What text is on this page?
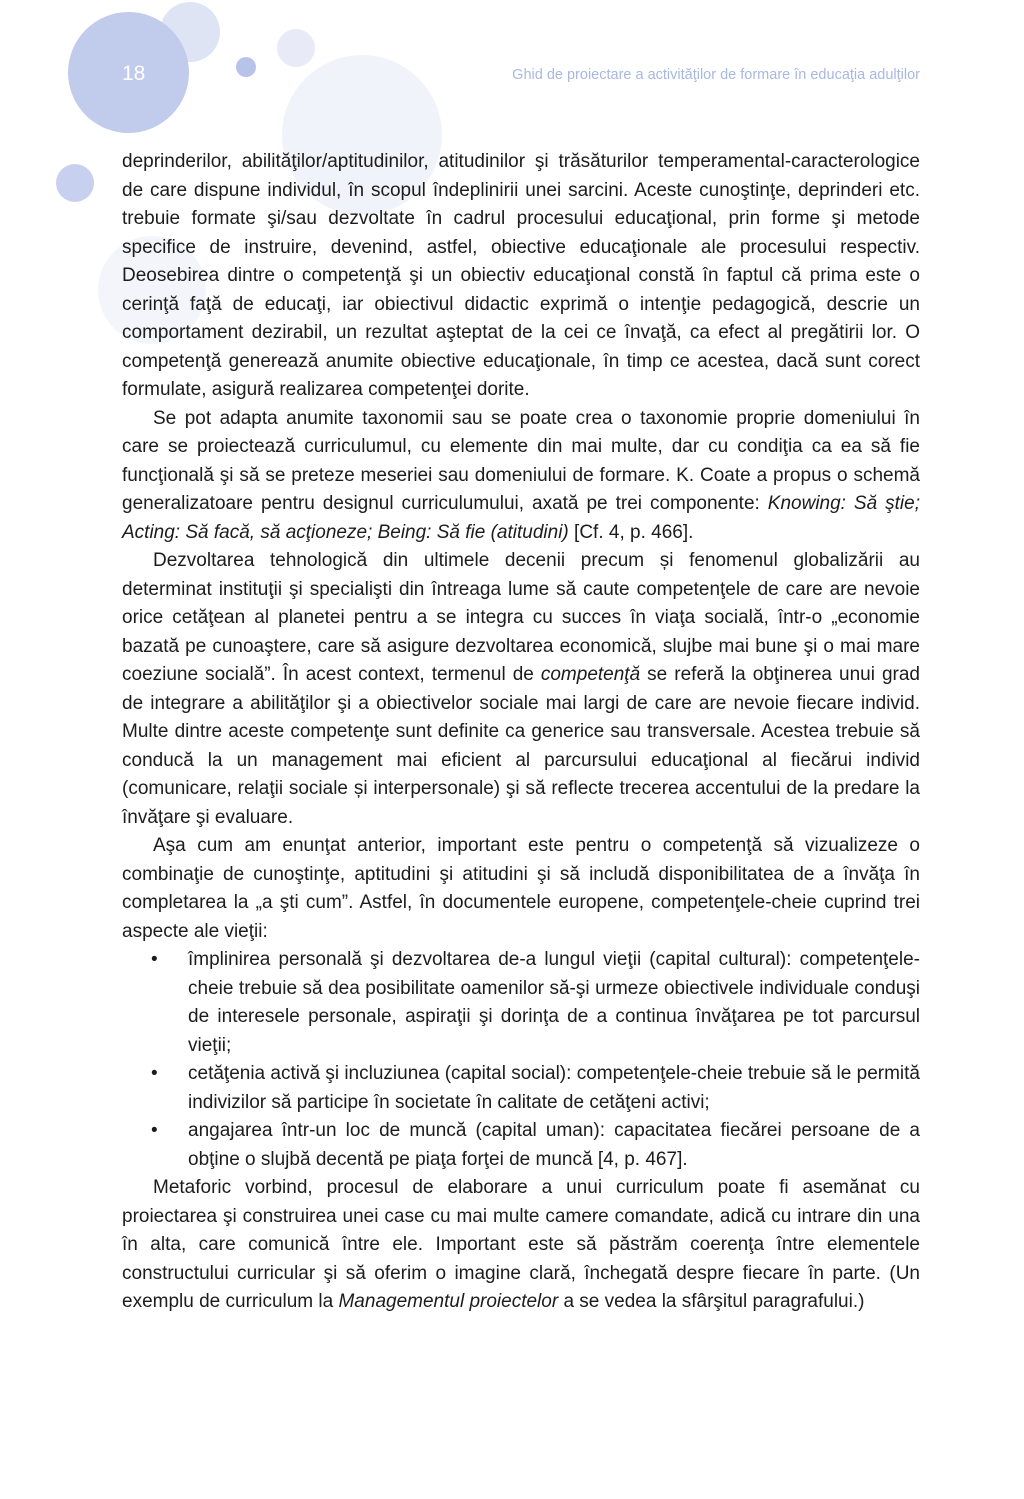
18	Ghid de proiectare a activităţilor de formare în educaţia adulţilor

deprinderilor, abilităţilor/aptitudinilor, atitudinilor şi trăsăturilor temperamental-caracterologice de care dispune individul, în scopul îndeplinirii unei sarcini. Aceste cunoştinţe, deprinderi etc. trebuie formate şi/sau dezvoltate în cadrul procesului educaţional, prin forme şi metode specifice de instruire, devenind, astfel, obiective educaţionale ale procesului respectiv. Deosebirea dintre o competenţă şi un obiectiv educaţional constă în faptul că prima este o cerinţă faţă de educaţi, iar obiectivul didactic exprimă o intenţie pedagogică, descrie un comportament dezirabil, un rezultat aşteptat de la cei ce învaţă, ca efect al pregătirii lor. O competenţă generează anumite obiective educaţionale, în timp ce acestea, dacă sunt corect formulate, asigură realizarea competenţei dorite.

Se pot adapta anumite taxonomii sau se poate crea o taxonomie proprie domeniului în care se proiectează curriculumul, cu elemente din mai multe, dar cu condiţia ca ea să fie funcţională şi să se preteze meseriei sau domeniului de formare. K. Coate a propus o schemă generalizatoare pentru designul curriculumului, axată pe trei componente: Knowing: Să ştie; Acting: Să facă, să acţioneze; Being: Să fie (atitudini) [Cf. 4, p. 466].

Dezvoltarea tehnologică din ultimele decenii precum și fenomenul globalizării au determinat instituţii şi specialişti din întreaga lume să caute competenţele de care are nevoie orice cetăţean al planetei pentru a se integra cu succes în viaţa socială, într-o „economie bazată pe cunoaştere, care să asigure dezvoltarea economică, slujbe mai bune şi o mai mare coeziune socială”. În acest context, termenul de competenţă se referă la obţinerea unui grad de integrare a abilităţilor şi a obiectivelor sociale mai largi de care are nevoie fiecare individ. Multe dintre aceste competenţe sunt definite ca generice sau transversale. Acestea trebuie să conducă la un management mai eficient al parcursului educaţional al fiecărui individ (comunicare, relaţii sociale și interpersonale) şi să reflecte trecerea accentului de la predare la învăţare şi evaluare.

Aşa cum am enunţat anterior, important este pentru o competenţă să vizualizeze o combinaţie de cunoştinţe, aptitudini şi atitudini şi să includă disponibilitatea de a învăţa în completarea la „a şti cum”. Astfel, în documentele europene, competenţele-cheie cuprind trei aspecte ale vieţii:

• împlinirea personală şi dezvoltarea de-a lungul vieţii (capital cultural): competenţele-cheie trebuie să dea posibilitate oamenilor să-şi urmeze obiectivele individuale conduşi de interesele personale, aspiraţii şi dorinţa de a continua învăţarea pe tot parcursul vieţii;
• cetăţenia activă şi incluziunea (capital social): competenţele-cheie trebuie să le permită indivizilor să participe în societate în calitate de cetăţeni activi;
• angajarea într-un loc de muncă (capital uman): capacitatea fiecărei persoane de a obţine o slujbă decentă pe piaţa forţei de muncă [4, p. 467].

Metaforic vorbind, procesul de elaborare a unui curriculum poate fi asemănat cu proiectarea şi construirea unei case cu mai multe camere comandate, adică cu intrare din una în alta, care comunică între ele. Important este să păstrăm coerenţa între elementele constructului curricular şi să oferim o imagine clară, închegată despre fiecare în parte. (Un exemplu de curriculum la Managementul proiectelor a se vedea la sfârşitul paragrafului.)
